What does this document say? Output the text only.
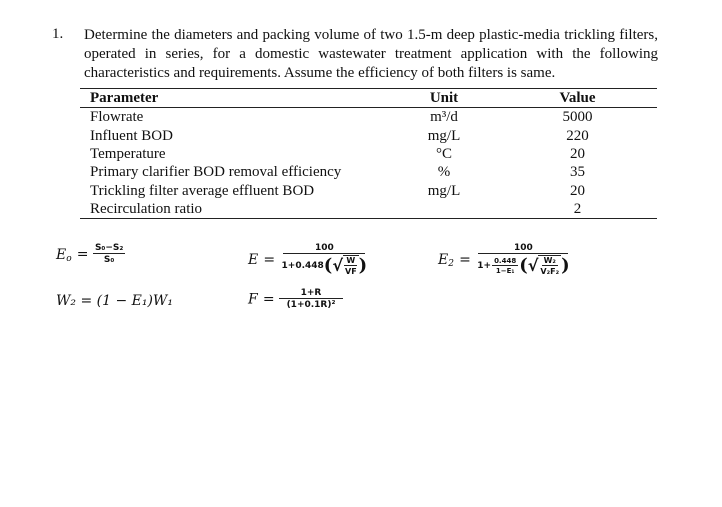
1. Determine the diameters and packing volume of two 1.5-m deep plastic-media trickling filters, operated in series, for a domestic wastewater treatment application with the following characteristics and requirements. Assume the efficiency of both filters is same.
Parameter	Unit	Value
Flowrate	m³/d	5000
Influent BOD	mg/L	220
Temperature	°C	20
Primary clarifier BOD removal efficiency	%	35
Trickling filter average effluent BOD	mg/L	20
Recirculation ratio		2
$E_o = \frac{\text{S₀−S₂}}{\text{S₀}}$	E =
100
1+0.448 ( √ $\frac{W}{VF}$ )	$E_2$ =
100
$1+ \frac{0.448}{\text{1−E₁}}$ ( √ $\frac{\text{W₂}}{\text{V₂F₂}}$ )
W₂ = (1 − E₁)W₁	$F = \frac{1+R}{\text{(1+0.1R)²}}$
